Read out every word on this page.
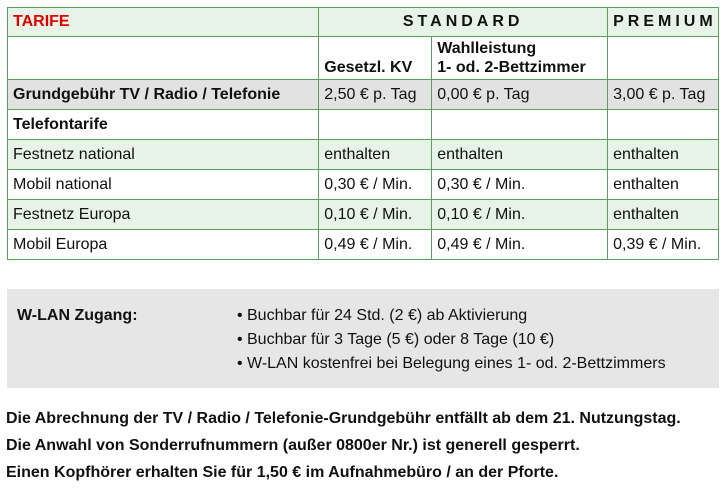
TARIFE	STANDARD		PREMIUM
	Gesetzl. KV	Wahlleistung
1- od. 2-Bettzimmer	
Grundgebühr TV / Radio / Telefonie	2,50 € p. Tag	0,00 € p. Tag	3,00 € p. Tag
Telefontarife			
Festnetz national	enthalten	enthalten	enthalten
Mobil national	0,30 € / Min.	0,30 € / Min.	enthalten
Festnetz Europa	0,10 € / Min.	0,10 € / Min.	enthalten
Mobil Europa	0,49 € / Min.	0,49 € / Min.	0,39 € / Min.
W-LAN Zugang:	• Buchbar für 24 Std. (2 €) ab Aktivierung
• Buchbar für 3 Tage (5 €) oder 8 Tage (10 €)
• W-LAN kostenfrei bei Belegung eines 1- od. 2-Bettzimmers
Die Abrechnung der TV / Radio / Telefonie-Grundgebühr entfällt ab dem 21. Nutzungstag.
Die Anwahl von Sonderrufnummern (außer 0800er Nr.) ist generell gesperrt.
Einen Kopfhörer erhalten Sie für 1,50 € im Aufnahmebüro / an der Pforte.
